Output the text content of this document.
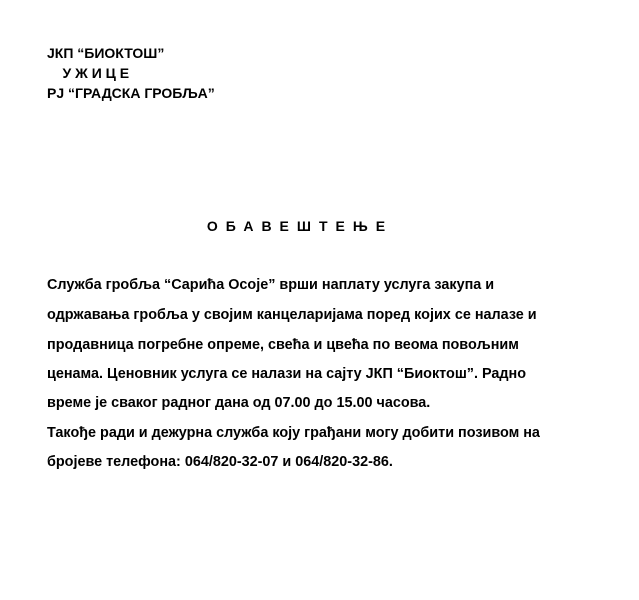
ЈКП “БИОКТОШ”
У Ж И Ц Е
РЈ “ГРАДСКА ГРОБЉА”
ОБАВЕШТЕЊЕ
Служба гробља “Сарића Осоје” врши наплату услуга закупа и
одржавања гробља у својим канцеларијама поред којих се налазе и
продавница погребне опреме, свећа и цвећа по веома повољним
ценама. Ценовник услуга се налази на сајту ЈКП “Биоктош”. Радно
време је сваког радног дана од 07.00 до 15.00 часова.
Такође ради и дежурна служба коју грађани могу добити позивом на
бројеве телефона: 064/820-32-07 и 064/820-32-86.
